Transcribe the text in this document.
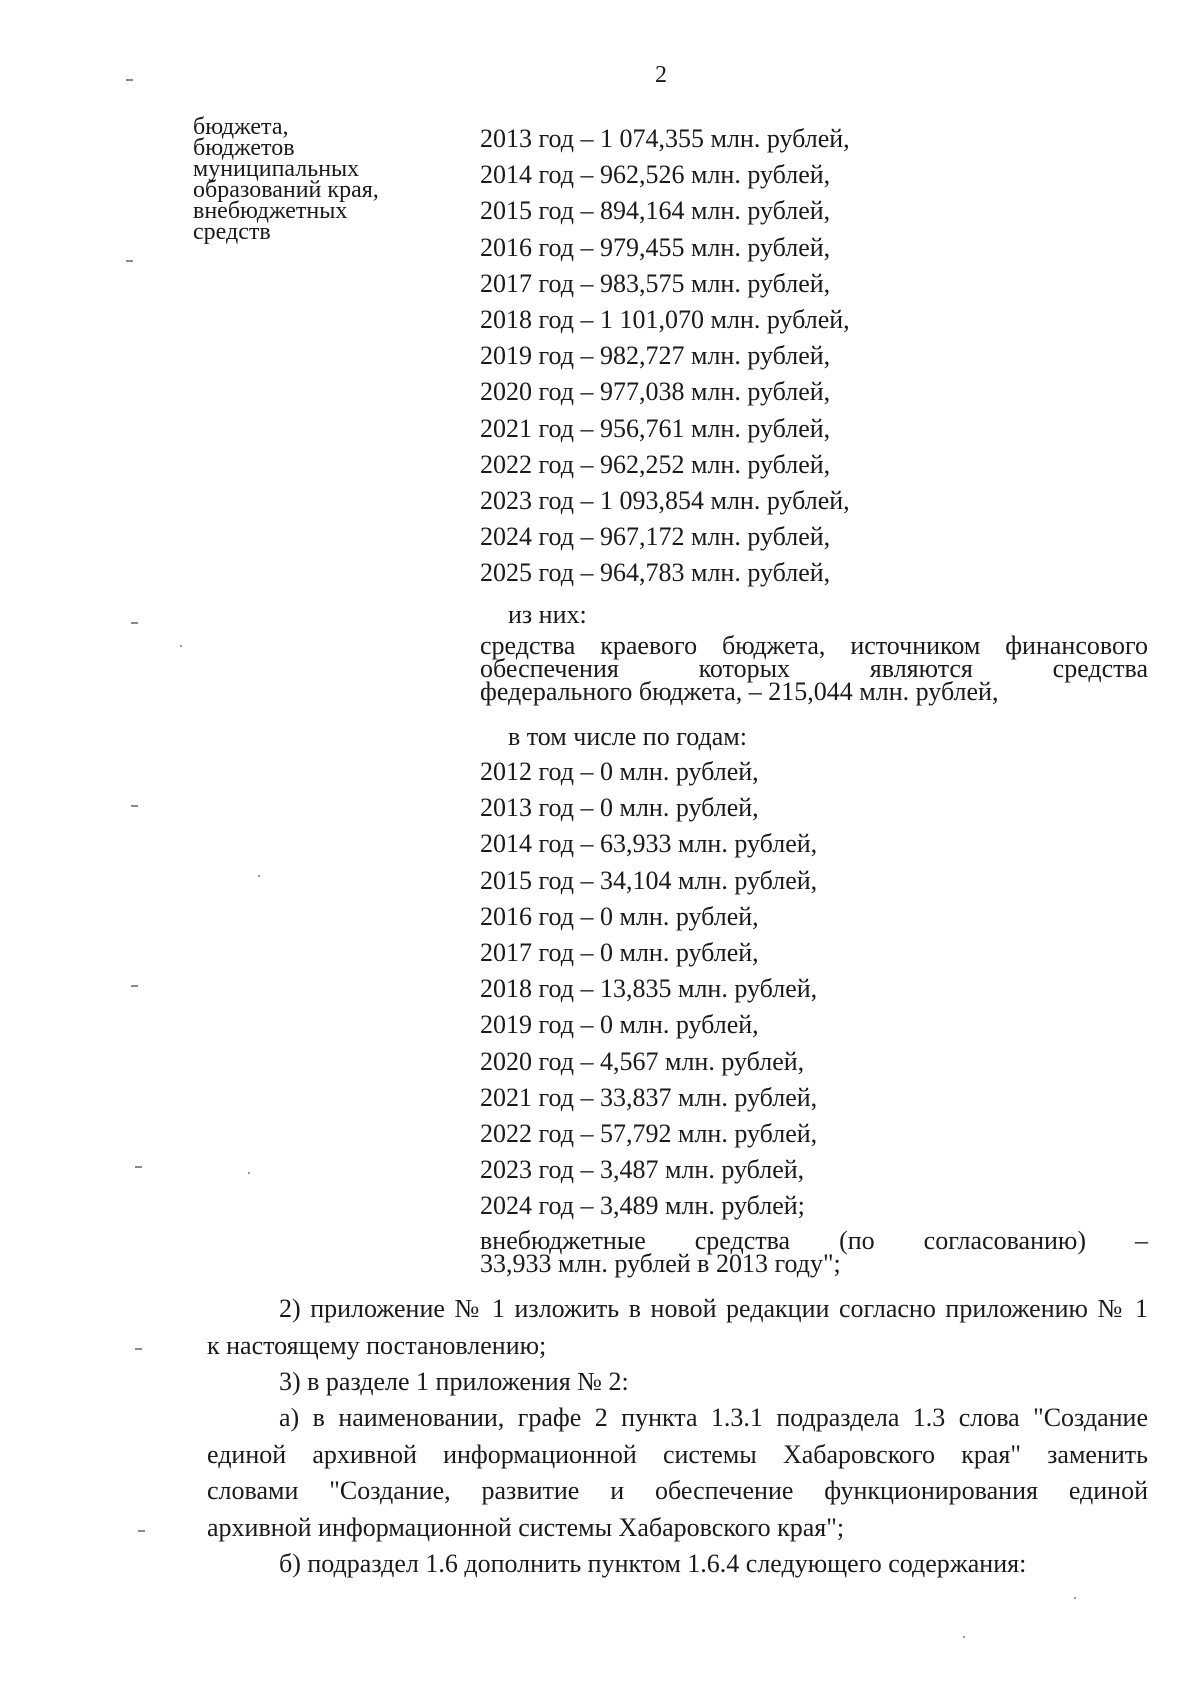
2
бюджета,
бюджетов
муниципальных
образований края,
внебюджетных
средств
2013 год – 1 074,355 млн. рублей,
2014 год – 962,526 млн. рублей,
2015 год – 894,164 млн. рублей,
2016 год – 979,455 млн. рублей,
2017 год – 983,575 млн. рублей,
2018 год – 1 101,070 млн. рублей,
2019 год – 982,727 млн. рублей,
2020 год – 977,038 млн. рублей,
2021 год – 956,761 млн. рублей,
2022 год – 962,252 млн. рублей,
2023 год – 1 093,854 млн. рублей,
2024 год – 967,172 млн. рублей,
2025 год – 964,783 млн. рублей,
из них:
средства краевого бюджета, источником финансового
обеспечения которых являются средства
федерального бюджета, – 215,044 млн. рублей,
в том числе по годам:
2012 год – 0 млн. рублей,
2013 год – 0 млн. рублей,
2014 год – 63,933 млн. рублей,
2015 год – 34,104 млн. рублей,
2016 год – 0 млн. рублей,
2017 год – 0 млн. рублей,
2018 год – 13,835 млн. рублей,
2019 год – 0 млн. рублей,
2020 год – 4,567 млн. рублей,
2021 год – 33,837 млн. рублей,
2022 год – 57,792 млн. рублей,
2023 год – 3,487 млн. рублей,
2024 год – 3,489 млн. рублей;
внебюджетные средства (по согласованию) –
33,933 млн. рублей в 2013 году";
2) приложение № 1 изложить в новой редакции согласно приложению № 1
к настоящему постановлению;
3) в разделе 1 приложения № 2:
а) в наименовании, графе 2 пункта 1.3.1 подраздела 1.3 слова "Создание
единой архивной информационной системы Хабаровского края" заменить
словами "Создание, развитие и обеспечение функционирования единой
архивной информационной системы Хабаровского края";
б) подраздел 1.6 дополнить пунктом 1.6.4 следующего содержания:
